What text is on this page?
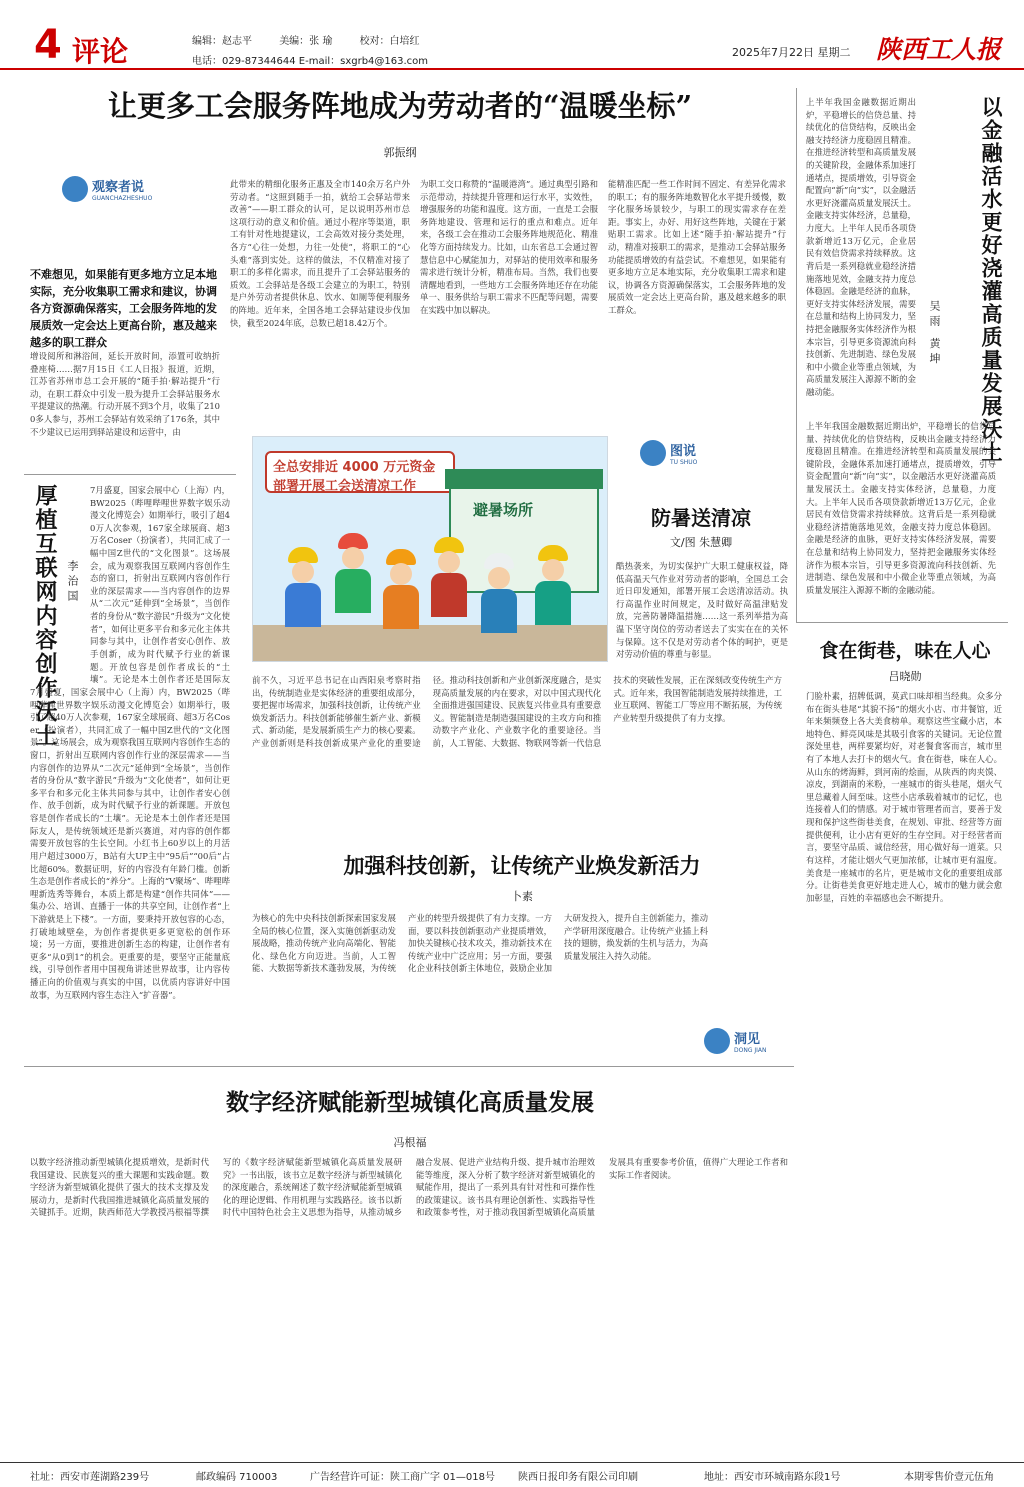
4 评论	编辑：赵志平	美编：张 瑜	校对：白培红
电话：029-87344644 E-mail：sxgrb4@163.com
2025年7月22日 星期二 陕西工人报
让更多工会服务阵地成为劳动者的“温暖坐标”
郭振纲
观察者说
GUANCHAZHESHUO
不难想见，如果能有更多地方立足本地实际，充分收集职工需求和建议，协调各方资源确保落实，工会服务阵地的发展质效一定会达上更高台阶，惠及越来越多的职工群众
增设阅所和淋浴间，延长开放时间，添置可收纳折叠座椅……据7月15日《工人日报》报道，近期，江苏省苏州市总工会开展的“随手拍·解站提升”行动，在职工群众中引发一股为提升工会驿站服务水平提建议的热潮。行动开展不到3个月，收集了2100多人参与，苏州工会驿站有效采纳了176条，其中不少建议已运用到驿站建设和运营中，由
此带来的精细化服务正惠及全市140余万名户外劳动者。“这照到随手一拍，就给工会驿站带来改善”——职工群众的认可，足以说明苏州市总这项行动的意义和价值。通过小程序等渠道，职工有针对性地提建议，工会高效对接分类处理，各方“心往一处想，力往一处使”，将职工的“心头难”落到实处。这样的做法，不仅精准对接了职工的多样化需求，而且提升了工会驿站服务的质效。工会驿站是各级工会建立的为职工，特别是户外劳动者提供休息、饮水、如厕等便利服务的阵地。近年来，全国各地工会驿站建设步伐加快，截至2024年底，总数已超18.42万个。
为职工交口称赞的“温暖港湾”。通过典型引路和示范带动，持续提升管理和运行水平，实效性，增强服务的功能和温度。这方面，一直是工会服务阵地建设、管理和运行的重点和难点。近年来，各级工会在推动工会服务阵地规范化、精准化等方面持续发力。比如，山东省总工会通过智慧信息中心赋能加力，对驿站的使用效率和服务需求进行统计分析，精准布局。当然，我们也要清醒地看到，一些地方工会服务阵地还存在功能单一、服务供给与职工需求不匹配等问题，需要在实践中加以解决。
能精准匹配一些工作时间不固定、有差异化需求的职工；有的服务阵地数智化水平提升缓慢，数字化服务场景较少，与职工的现实需求存在差距。事实上，办好、用好这些阵地，关键在于紧贴职工需求。比如上述“随手拍·解站提升”行动，精准对接职工的需求，是推动工会驿站服务功能提质增效的有益尝试。不难想见，如果能有更多地方立足本地实际，充分收集职工需求和建议，协调各方资源确保落实，工会服务阵地的发展质效一定会达上更高台阶，惠及越来越多的职工群众。	以金融活水更好浇灌高质量发展沃土
吴雨 黄坤
上半年我国金融数据近期出炉，平稳增长的信贷总量、持续优化的信贷结构，反映出金融支持经济力度稳固且精准。在推进经济转型和高质量发展的关键阶段，金融体系加速打通堵点，提质增效，引导资金配置向“新”向“实”，以金融活水更好浇灌高质量发展沃土。金融支持实体经济，总量稳，力度大。上半年人民币各项贷款新增近13万亿元，企业居民有效信贷需求持续释放。这背后是一系列稳就业稳经济措施落地见效，金融支持力度总体稳固。金融是经济的血脉，更好支持实体经济发展，需要在总量和结构上协同发力，坚持把金融服务实体经济作为根本宗旨，引导更多资源流向科技创新、先进制造、绿色发展和中小微企业等重点领域，为高质量发展注入源源不断的金融动能。
上半年我国金融数据近期出炉，平稳增长的信贷总量、持续优化的信贷结构，反映出金融支持经济力度稳固且精准。在推进经济转型和高质量发展的关键阶段，金融体系加速打通堵点，提质增效，引导资金配置向“新”向“实”，以金融活水更好浇灌高质量发展沃土。金融支持实体经济，总量稳，力度大。上半年人民币各项贷款新增近13万亿元，企业居民有效信贷需求持续释放。这背后是一系列稳就业稳经济措施落地见效，金融支持力度总体稳固。金融是经济的血脉，更好支持实体经济发展，需要在总量和结构上协同发力，坚持把金融服务实体经济作为根本宗旨，引导更多资源流向科技创新、先进制造、绿色发展和中小微企业等重点领域，为高质量发展注入源源不断的金融动能。
厚植互联网内容创作沃土 李治国
7月盛夏，国家会展中心（上海）内，BW2025（哔哩哔哩世界数字娱乐动漫文化博览会）如期举行，吸引了超40万人次参观，167家全球展商、超3万名Coser（扮演者），共同汇成了一幅中国Z世代的“文化图景”。这场展会，成为观察我国互联网内容创作生态的窗口，折射出互联网内容创作行业的深层需求——当内容创作的边界从“二次元”延伸到“全场景”，当创作者的身份从“数字游民”升级为“文化使者”，如何让更多平台和多元化主体共同参与其中，让创作者安心创作、放手创新，成为时代赋予行业的新课题。开放包容是创作者成长的“土壤”。无论是本土创作者还是国际友
7月盛夏，国家会展中心（上海）内，BW2025（哔哩哔哩世界数字娱乐动漫文化博览会）如期举行，吸引了超40万人次参观，167家全球展商、超3万名Coser（扮演者），共同汇成了一幅中国Z世代的“文化图景”。这场展会，成为观察我国互联网内容创作生态的窗口，折射出互联网内容创作行业的深层需求——当内容创作的边界从“二次元”延伸到“全场景”，当创作者的身份从“数字游民”升级为“文化使者”，如何让更多平台和多元化主体共同参与其中，让创作者安心创作、放手创新，成为时代赋予行业的新课题。开放包容是创作者成长的“土壤”。无论是本土创作者还是国际友人，是传统领域还是新兴赛道，对内容的创作都需要开放包容的生长空间。小红书上60岁以上的月活用户超过3000万，B站有大UP主中“95后”“00后”占比超60%。数据证明，好的内容没有年龄门槛。创新生态是创作者成长的“养分”。上海的“V聚场”、哔哩哔哩新选秀等舞台，本质上都是构建“创作共同体”——集办公、培训、直播于一体的共享空间，让创作者“上下游就是上下楼”。一方面，要秉持开放包容的心态，打破地域壁垒，为创作者提供更多更宽松的创作环境；另一方面，要推进创新生态的构建，让创作者有更多“从0到1”的机会。更重要的是，要坚守正能量底线，引导创作者用中国视角讲述世界故事，让内容传播正向的价值观与真实的中国，以优质内容讲好中国故事，为互联网内容生态注入“扩音器”。
全总安排近 4000 万元资金
部署开展工会送清凉工作
避暑场所
图说
TU SHUO
防暑送清凉
文/图 朱慧卿
酷热袭来，为切实保护广大职工健康权益，降低高温天气作业对劳动者的影响，全国总工会近日印发通知，部署开展工会送清凉活动。执行高温作业时间规定，及时做好高温津贴发放，完善防暑降温措施……这一系列举措为高温下坚守岗位的劳动者送去了实实在在的关怀与保障。这不仅是对劳动者个体的呵护，更是对劳动价值的尊重与彰显。
前不久，习近平总书记在山西阳泉考察时指出，传统制造业是实体经济的重要组成部分，要把握市场需求，加强科技创新，让传统产业焕发新活力。科技创新能够催生新产业、新模式、新动能，是发展新质生产力的核心要素。产业创新则是科技创新成果产业化的重要途径。推动科技创新和产业创新深度融合，是实现高质量发展的内在要求，对以中国式现代化全面推进强国建设、民族复兴伟业具有重要意义。智能制造是制造强国建设的主攻方向和推动数字产业化、产业数字化的重要途径。当前，人工智能、大数据、物联网等新一代信息技术的突破性发展，正在深刻改变传统生产方式。近年来，我国智能制造发展持续推进，工业互联网、智能工厂等应用不断拓展，为传统产业转型升级提供了有力支撑。
加强科技创新，让传统产业焕发新活力
卜素
为核心的先中央科技创新探索国家发展全局的核心位置，深入实施创新驱动发展战略，推动传统产业向高端化、智能化、绿色化方向迈进。当前，人工智能、大数据等新技术蓬勃发展，为传统产业的转型升级提供了有力支撑。一方面，要以科技创新驱动产业提质增效，加快关键核心技术攻关，推动新技术在传统产业中广泛应用；另一方面，要强化企业科技创新主体地位，鼓励企业加大研发投入，提升自主创新能力，推动产学研用深度融合。让传统产业插上科技的翅膀，焕发新的生机与活力，为高质量发展注入持久动能。
洞见
DONG JIAN
食在街巷，味在人心
吕晓勋
门脸朴素，招牌低调，莫武口味却相当经典。众多分布在街头巷尾“其貌不扬”的烟火小店、市井餐馆，近年来频频登上各大美食榜单。观察这些宝藏小店，本地特色、鲜亮风味是其吸引食客的关键词。无论位置深处里巷，两样要紧均好，对老餐食客而言，城市里有了本地人去打卡的烟火气。食在街巷，味在人心。从山东的烤海鲜，到河南的烩面，从陕西的肉夹馍、凉皮，到湖南的米粉，一座城市的街头巷尾，烟火气里总藏着人间至味。这些小店承载着城市的记忆，也连接着人们的情感。对于城市管理者而言，要善于发现和保护这些街巷美食，在规划、审批、经营等方面提供便利，让小店有更好的生存空间。对于经营者而言，要坚守品质、诚信经营，用心做好每一道菜。只有这样，才能让烟火气更加浓郁，让城市更有温度。美食是一座城市的名片，更是城市文化的重要组成部分。让街巷美食更好地走进人心，城市的魅力就会愈加彰显，百姓的幸福感也会不断提升。
数字经济赋能新型城镇化高质量发展
冯根福
以数字经济推动新型城镇化提质增效，是新时代我国建设、民族复兴的重大课题和实践命题。数字经济为新型城镇化提供了强大的技术支撑及发展动力，是新时代我国推进城镇化高质量发展的关键抓手。近期，陕西师范大学教授冯根福等撰写的《数字经济赋能新型城镇化高质量发展研究》一书出版，该书立足数字经济与新型城镇化的深度融合，系统阐述了数字经济赋能新型城镇化的理论逻辑、作用机理与实践路径。该书以新时代中国特色社会主义思想为指导，从推动城乡融合发展、促进产业结构升级、提升城市治理效能等维度，深入分析了数字经济对新型城镇化的赋能作用，提出了一系列具有针对性和可操作性的政策建议。该书具有理论创新性、实践指导性和政策参考性，对于推动我国新型城镇化高质量发展具有重要参考价值，值得广大理论工作者和实际工作者阅读。
社址：西安市莲湖路239号	邮政编码 710003	广告经营许可证：陕工商广字 01—018号 陕西日报印务有限公司印刷	地址：西安市环城南路东段1号	本期零售价壹元伍角
